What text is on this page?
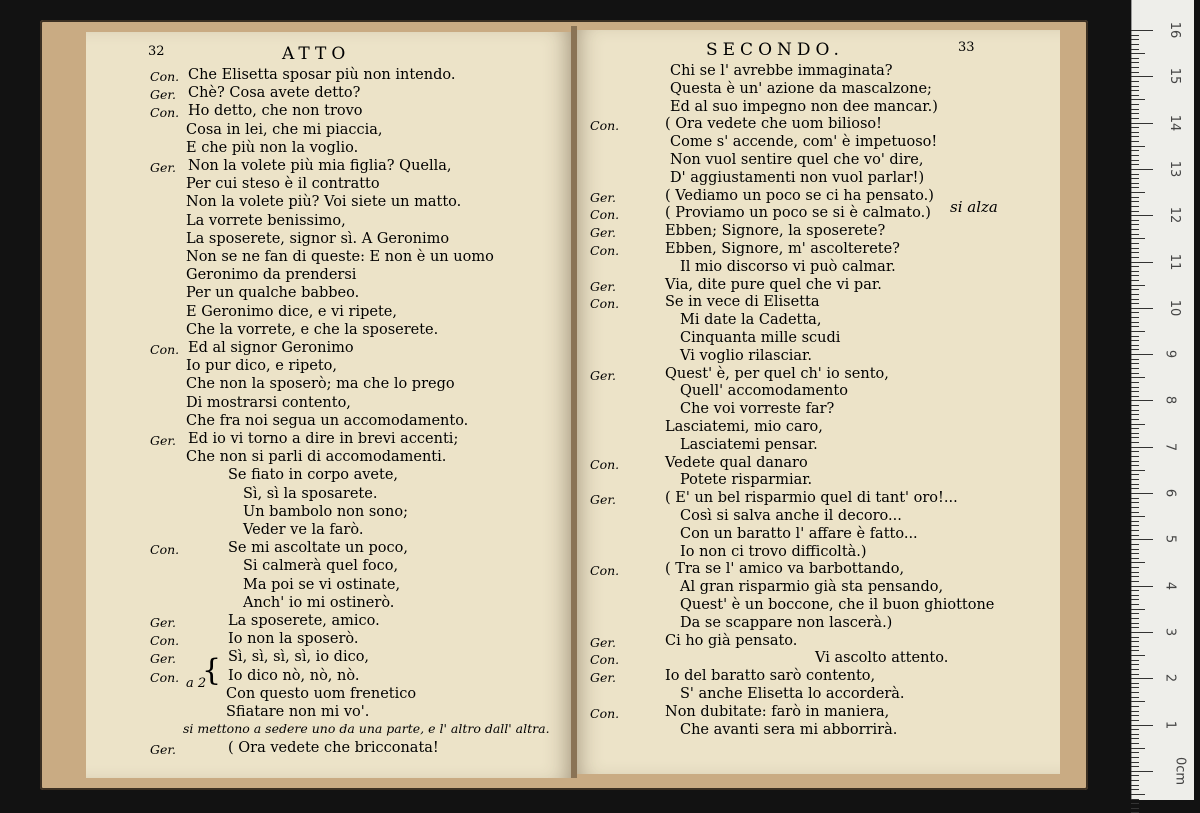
32	ATTO	SECONDO.	33
Con. Che Elisetta sposar più non intendo.
Ger. Chè? Cosa avete detto?
Con. Ho detto, che non trovo
Cosa in lei, che mi piaccia,
E che più non la voglio.
Ger. Non la volete più mia figlia? Quella,
Per cui steso è il contratto
Non la volete più? Voi siete un matto.
La vorrete benissimo,
La sposerete, signor sì. A Geronimo
Non se ne fan di queste: E non è un uomo
Geronimo da prendersi
Per un qualche babbeo.
E Geronimo dice, e vi ripete,
Che la vorrete, e che la sposerete.
Con. Ed al signor Geronimo
Io pur dico, e ripeto,
Che non la sposerò; ma che lo prego
Di mostrarsi contento,
Che fra noi segua un accomodamento.
Ger. Ed io vi torno a dire in brevi accenti;
Che non si parli di accomodamenti.
Se fiato in corpo avete,
Sì, sì la sposarete.
Un bambolo non sono;
Veder ve la farò.
Con.	Se mi ascoltate un poco,
Si calmerà quel foco,
Ma poi se vi ostinate,
Anch' io mi ostinerò.
Ger.	La sposerete, amico.
Con.	Io non la sposerò.
Ger.	Sì, sì, sì, sì, io dico,
Con.	Io dico nò, nò, nò.
Con questo uom frenetico
Sfiatare non mi vo'.
si mettono a sedere uno da una parte, e l' altro dall' altra.
Ger.	( Ora vedete che bricconata!
Chi se l' avrebbe immaginata?
Questa è un' azione da mascalzone;
Ed al suo impegno non dee mancar.)
Con.	( Ora vedete che uom bilioso!
Come s' accende, com' è impetuoso!
Non vuol sentire quel che vo' dire,
D' aggiustamenti non vuol parlar!)
Ger.	( Vediamo un poco se ci ha pensato.)
Con.	( Proviamo un poco se si è calmato.)
Ger.	Ebben; Signore, la sposerete?
Con.	Ebben, Signore, m' ascolterete?
Il mio discorso vi può calmar.
Ger.	Via, dite pure quel che vi par.
Con.	Se in vece di Elisetta
Mi date la Cadetta,
Cinquanta mille scudi
Vi voglio rilasciar.
Ger.	Quest' è, per quel ch' io sento,
Quell' accomodamento
Che voi vorreste far?
Lasciatemi, mio caro,
Lasciatemi pensar.
Con.	Vedete qual danaro
Potete risparmiar.
Ger.	( E' un bel risparmio quel di tant' oro!...
Così si salva anche il decoro...
Con un baratto l' affare è fatto...
Io non ci trovo difficoltà.)
Con.	( Tra se l' amico va barbottando,
Al gran risparmio già sta pensando,
Quest' è un boccone, che il buon ghiottone
Da se scappare non lascerà.)
Ger.	Ci ho già pensato.
Con.	Vi ascolto attento.
Ger.	Io del baratto sarò contento,
S' anche Elisetta lo accorderà.
Con.	Non dubitate: farò in maniera,
Che avanti sera mi abborrirà.
{
a 2
si alza
16
15
14
13
12
11
10
9
8
7
6
5
4
3
2
1
0cm
